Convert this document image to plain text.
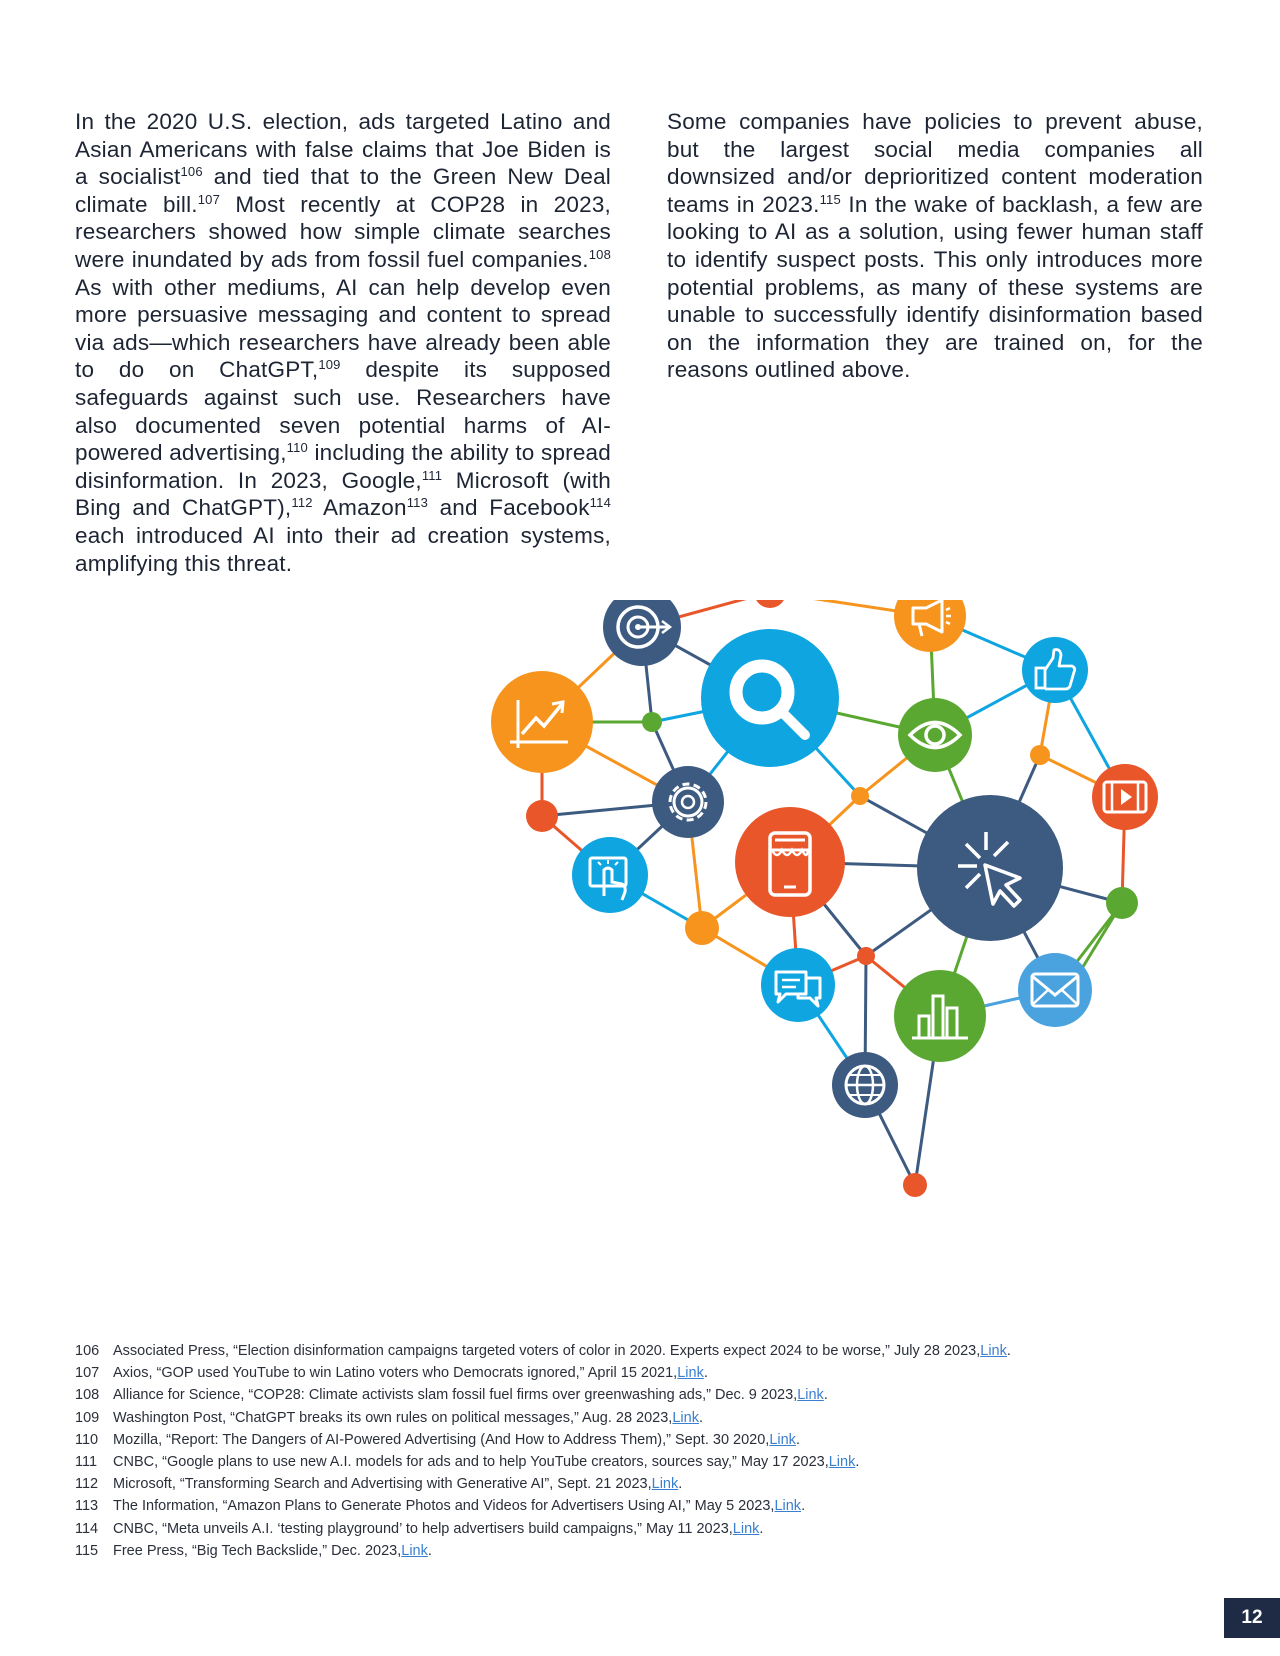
In the 2020 U.S. election, ads targeted Latino and Asian Americans with false claims that Joe Biden is a socialist$^{106}$ and tied that to the Green New Deal climate bill.$^{107}$ Most recently at COP28 in 2023, researchers showed how simple climate searches were inundated by ads from fossil fuel companies.$^{108}$ As with other mediums, AI can help develop even more persuasive messaging and content to spread via ads—which researchers have already been able to do on ChatGPT,$^{109}$ despite its supposed safeguards against such use. Researchers have also documented seven potential harms of AI-powered advertising,$^{110}$ including the ability to spread disinformation. In 2023, Google,$^{111}$ Microsoft (with Bing and ChatGPT),$^{112}$ Amazon$^{113}$ and Facebook$^{114}$ each introduced AI into their ad creation systems, amplifying this threat.
Some companies have policies to prevent abuse, but the largest social media companies all downsized and/or deprioritized content moderation teams in 2023.$^{115}$ In the wake of backlash, a few are looking to AI as a solution, using fewer human staff to identify suspect posts. This only introduces more potential problems, as many of these systems are unable to successfully identify disinformation based on the information they are trained on, for the reasons outlined above.
106 Associated Press, “Election disinformation campaigns targeted voters of color in 2020. Experts expect 2024 to be worse,” July 28 2023, Link .
107 Axios, “GOP used YouTube to win Latino voters who Democrats ignored,” April 15 2021, Link .
108 Alliance for Science, “COP28: Climate activists slam fossil fuel firms over greenwashing ads,” Dec. 9 2023, Link .
109 Washington Post, “ChatGPT breaks its own rules on political messages,” Aug. 28 2023, Link .
110	Mozilla, “Report: The Dangers of AI-Powered Advertising (And How to Address Them),” Sept. 30 2020, Link .
111	CNBC, “Google plans to use new A.I. models for ads and to help YouTube creators, sources say,” May 17 2023, Link .
112	Microsoft, “Transforming Search and Advertising with Generative AI”, Sept. 21 2023, Link .
113	The Information, “Amazon Plans to Generate Photos and Videos for Advertisers Using AI,” May 5 2023, Link .
114	CNBC, “Meta unveils A.I. ‘testing playground’ to help advertisers build campaigns,” May 11 2023, Link .
115	Free Press, “Big Tech Backslide,” Dec. 2023, Link .
12
